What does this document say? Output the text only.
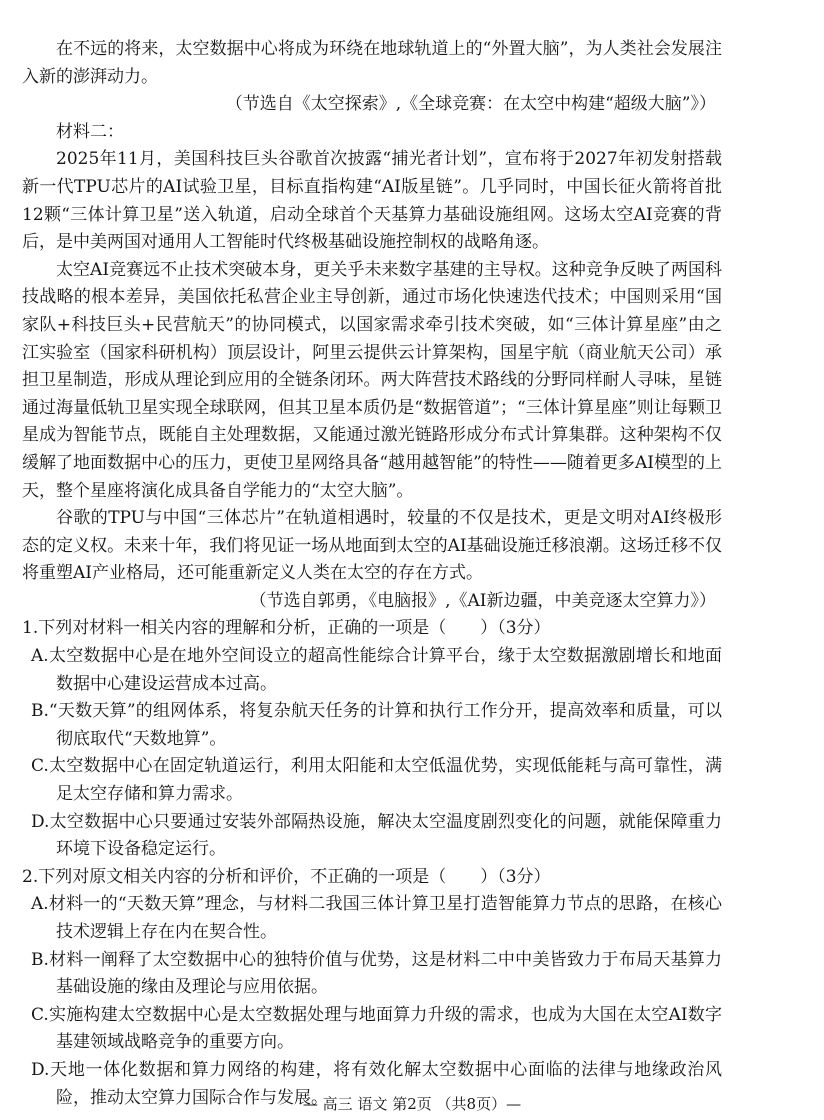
在不远的将来，太空数据中心将成为环绕在地球轨道上的“外置大脑”，为人类社会发展注入新的澎湃动力。

（节选自《太空探索》,《全球竞赛：在太空中构建“超级大脑”》）

材料二：

2025年11月，美国科技巨头谷歌首次披露“捕光者计划”，宣布将于2027年初发射搭载新一代TPU芯片的AI试验卫星，目标直指构建“AI版星链”。几乎同时，中国长征火箭将首批12颗“三体计算卫星”送入轨道，启动全球首个天基算力基础设施组网。这场太空AI竞赛的背后，是中美两国对通用人工智能时代终极基础设施控制权的战略角逐。

太空AI竞赛远不止技术突破本身，更关乎未来数字基建的主导权。这种竞争反映了两国科技战略的根本差异，美国依托私营企业主导创新，通过市场化快速迭代技术；中国则采用“国家队+科技巨头+民营航天”的协同模式，以国家需求牵引技术突破，如“三体计算星座”由之江实验室（国家科研机构）顶层设计，阿里云提供云计算架构，国星宇航（商业航天公司）承担卫星制造，形成从理论到应用的全链条闭环。两大阵营技术路线的分野同样耐人寻味，星链通过海量低轨卫星实现全球联网，但其卫星本质仍是“数据管道”；“三体计算星座”则让每颗卫星成为智能节点，既能自主处理数据，又能通过激光链路形成分布式计算集群。这种架构不仅缓解了地面数据中心的压力，更使卫星网络具备“越用越智能”的特性——随着更多AI模型的上天，整个星座将演化成具备自学能力的“太空大脑”。

谷歌的TPU与中国“三体芯片”在轨道相遇时，较量的不仅是技术，更是文明对AI终极形态的定义权。未来十年，我们将见证一场从地面到太空的AI基础设施迁移浪潮。这场迁移不仅将重塑AI产业格局，还可能重新定义人类在太空的存在方式。

（节选自郭勇，《电脑报》,《AI新边疆，中美竞逐太空算力》）

1.下列对材料一相关内容的理解和分析，正确的一项是（　　）（3分）

A.太空数据中心是在地外空间设立的超高性能综合计算平台，缘于太空数据激剧增长和地面数据中心建设运营成本过高。

B.“天数天算”的组网体系，将复杂航天任务的计算和执行工作分开，提高效率和质量，可以彻底取代“天数地算”。

C.太空数据中心在固定轨道运行，利用太阳能和太空低温优势，实现低能耗与高可靠性，满足太空存储和算力需求。

D.太空数据中心只要通过安装外部隔热设施，解决太空温度剧烈变化的问题，就能保障重力环境下设备稳定运行。

2.下列对原文相关内容的分析和评价，不正确的一项是（　　）（3分）

A.材料一的“天数天算”理念，与材料二我国三体计算卫星打造智能算力节点的思路，在核心技术逻辑上存在内在契合性。

B.材料一阐释了太空数据中心的独特价值与优势，这是材料二中中美皆致力于布局天基算力基础设施的缘由及理论与应用依据。

C.实施构建太空数据中心是太空数据处理与地面算力升级的需求，也成为大国在太空AI数字基建领域战略竞争的重要方向。

D.天地一体化数据和算力网络的构建，将有效化解太空数据中心面临的法律与地缘政治风险，推动太空算力国际合作与发展。

— 高三 语文 第2页 （共8页）—
